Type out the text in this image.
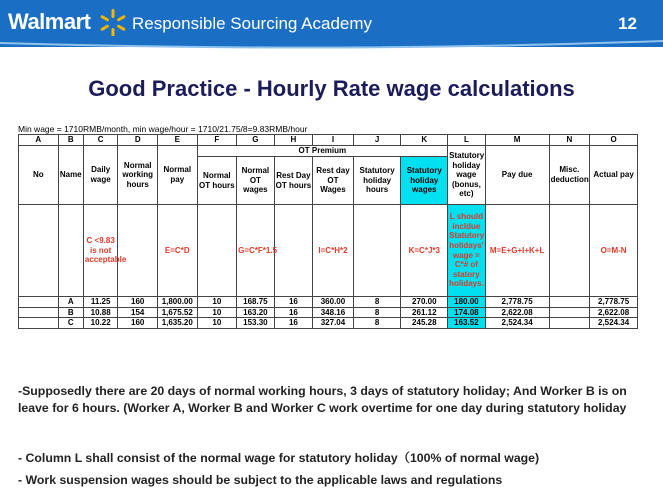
Walmart Responsible Sourcing Academy	12
Good Practice - Hourly Rate wage calculations
Min wage = 1710RMB/month, min wage/hour = 1710/21.75/8=9.83RMB/hour
A	B	C	D	E	F	G	H	I	J	K	L	M	N	O
No	Name	Daily wage	Normal working hours	Normal pay	OT Premium						Statutory holiday wage (bonus, etc)	Pay due	Misc. deduction	Actual pay
					Normal OT hours	Normal OT wages	Rest Day OT hours	Rest day OT Wages	Statutory holiday hours	Statutory holiday wages				
		C <9.83 is not acceptable		E=C*D		G=C*F*1.5		I=C*H*2		K=C*J*3	L should incldue Statutory holidays' wage = C*# of statory holidays.	M=E+G+I+K+L		O=M-N
	A	11.25	160	1,800.00	10	168.75	16	360.00	8	270.00	180.00	2,778.75		2,778.75
	B	10.88	154	1,675.52	10	163.20	16	348.16	8	261.12	174.08	2,622.08		2,622.08
	C	10.22	160	1,635.20	10	153.30	16	327.04	8	245.28	163.52	2,524.34		2,524.34
-Supposedly there are 20 days of normal working hours, 3 days of statutory holiday; And Worker B is on leave for 6 hours. (Worker A, Worker B and Worker C work overtime for one day during statutory holiday
- Column L shall consist of the normal wage for statutory holiday（100% of normal wage)
- Work suspension wages should be subject to the applicable laws and regulations
